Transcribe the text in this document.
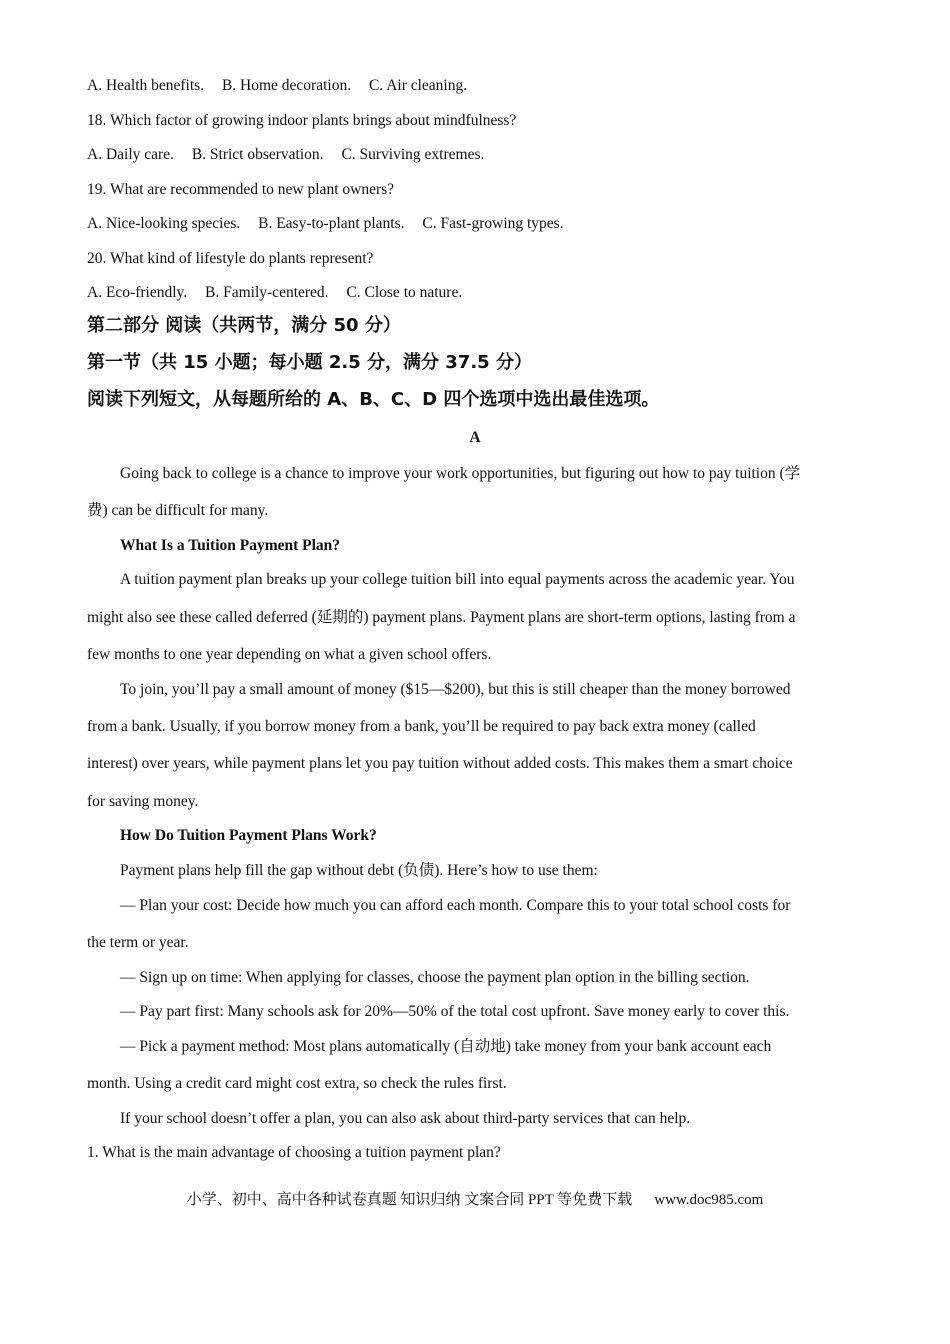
A. Health benefits. B. Home decoration. C. Air cleaning.
18. Which factor of growing indoor plants brings about mindfulness?
A. Daily care. B. Strict observation. C. Surviving extremes.
19. What are recommended to new plant owners?
A. Nice-looking species. B. Easy-to-plant plants. C. Fast-growing types.
20. What kind of lifestyle do plants represent?
A. Eco-friendly. B. Family-centered. C. Close to nature.
第二部分 阅读（共两节，满分 50 分）
第一节（共 15 小题；每小题 2.5 分，满分 37.5 分）
阅读下列短文，从每题所给的 A、B、C、D 四个选项中选出最佳选项。
A
Going back to college is a chance to improve your work opportunities, but figuring out how to pay tuition (学
费) can be difficult for many.
What Is a Tuition Payment Plan?
A tuition payment plan breaks up your college tuition bill into equal payments across the academic year. You
might also see these called deferred (延期的) payment plans. Payment plans are short-term options, lasting from a
few months to one year depending on what a given school offers.
To join, you’ll pay a small amount of money ($15—$200), but this is still cheaper than the money borrowed
from a bank. Usually, if you borrow money from a bank, you’ll be required to pay back extra money (called
interest) over years, while payment plans let you pay tuition without added costs. This makes them a smart choice
for saving money.
How Do Tuition Payment Plans Work?
Payment plans help fill the gap without debt (负债). Here’s how to use them:
— Plan your cost: Decide how much you can afford each month. Compare this to your total school costs for
the term or year.
— Sign up on time: When applying for classes, choose the payment plan option in the billing section.
— Pay part first: Many schools ask for 20%—50% of the total cost upfront. Save money early to cover this.
— Pick a payment method: Most plans automatically (自动地) take money from your bank account each
month. Using a credit card might cost extra, so check the rules first.
If your school doesn’t offer a plan, you can also ask about third-party services that can help.
1. What is the main advantage of choosing a tuition payment plan?
小学、初中、高中各种试卷真题 知识归纳 文案合同 PPT 等免费下载 www.doc985.com
